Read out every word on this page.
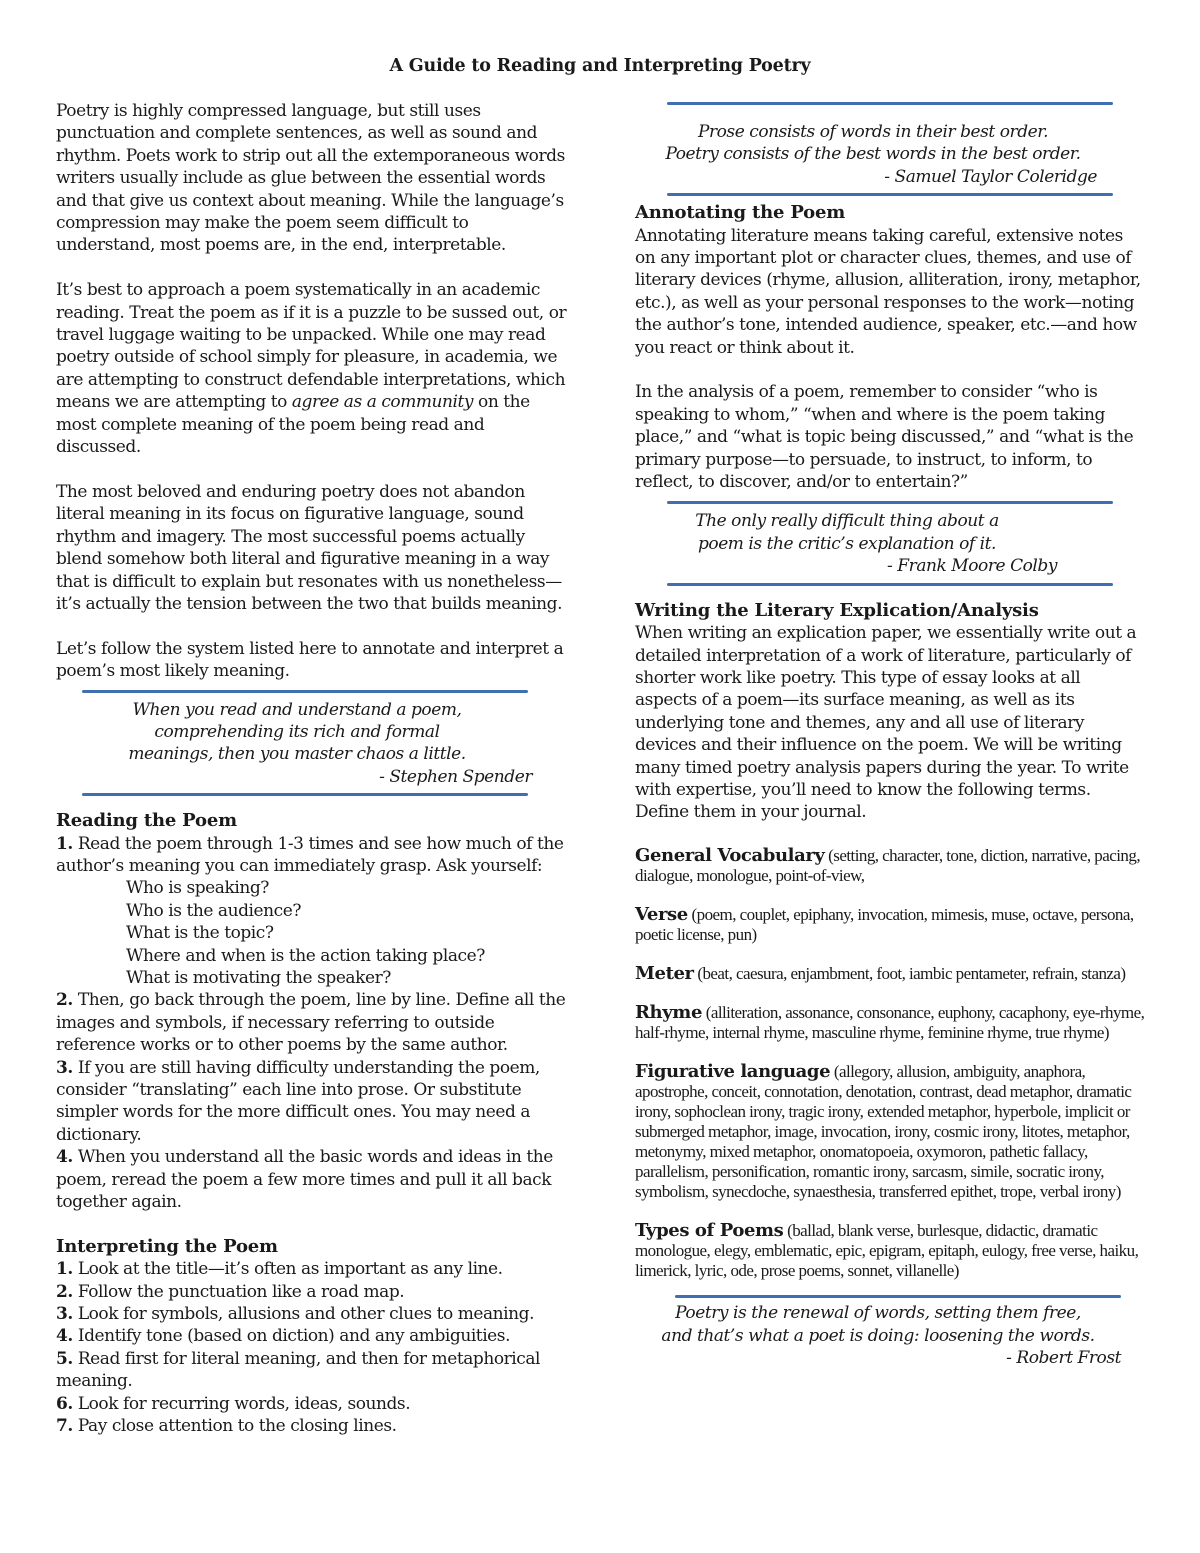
A Guide to Reading and Interpreting Poetry

Poetry is highly compressed language, but still uses punctuation and complete sentences, as well as sound and rhythm. Poets work to strip out all the extemporaneous words writers usually include as glue between the essential words and that give us context about meaning. While the language’s compression may make the poem seem difficult to understand, most poems are, in the end, interpretable.

It’s best to approach a poem systematically in an academic reading. Treat the poem as if it is a puzzle to be sussed out, or travel luggage waiting to be unpacked. While one may read poetry outside of school simply for pleasure, in academia, we are attempting to construct defendable interpretations, which means we are attempting to agree as a community on the most complete meaning of the poem being read and discussed.

The most beloved and enduring poetry does not abandon literal meaning in its focus on figurative language, sound rhythm and imagery. The most successful poems actually blend somehow both literal and figurative meaning in a way that is difficult to explain but resonates with us nonetheless—it’s actually the tension between the two that builds meaning.

Let’s follow the system listed here to annotate and interpret a poem’s most likely meaning.

When you read and understand a poem,

comprehending its rich and formal

meanings, then you master chaos a little.

- Stephen Spender

Reading the Poem

1. Read the poem through 1-3 times and see how much of the author’s meaning you can immediately grasp. Ask yourself:

Who is speaking?

Who is the audience?

What is the topic?

Where and when is the action taking place?

What is motivating the speaker?

2. Then, go back through the poem, line by line. Define all the images and symbols, if necessary referring to outside reference works or to other poems by the same author.

3. If you are still having difficulty understanding the poem, consider “translating” each line into prose. Or substitute simpler words for the more difficult ones. You may need a dictionary.

4. When you understand all the basic words and ideas in the poem, reread the poem a few more times and pull it all back together again.

Interpreting the Poem

1. Look at the title—it’s often as important as any line.

2. Follow the punctuation like a road map.

3. Look for symbols, allusions and other clues to meaning.

4. Identify tone (based on diction) and any ambiguities.

5. Read first for literal meaning, and then for metaphorical meaning.

6. Look for recurring words, ideas, sounds.

7. Pay close attention to the closing lines.

Prose consists of words in their best order.

Poetry consists of the best words in the best order.

- Samuel Taylor Coleridge

Annotating the Poem

Annotating literature means taking careful, extensive notes on any important plot or character clues, themes, and use of literary devices (rhyme, allusion, alliteration, irony, metaphor, etc.), as well as your personal responses to the work—noting the author’s tone, intended audience, speaker, etc.—and how you react or think about it.

In the analysis of a poem, remember to consider “who is speaking to whom,” “when and where is the poem taking place,” and “what is topic being discussed,” and “what is the primary purpose—to persuade, to instruct, to inform, to reflect, to discover, and/or to entertain?”

The only really difficult thing about a

poem is the critic’s explanation of it.

- Frank Moore Colby

Writing the Literary Explication/Analysis

When writing an explication paper, we essentially write out a detailed interpretation of a work of literature, particularly of shorter work like poetry. This type of essay looks at all aspects of a poem—its surface meaning, as well as its underlying tone and themes, any and all use of literary devices and their influence on the poem. We will be writing many timed poetry analysis papers during the year. To write with expertise, you’ll need to know the following terms. Define them in your journal.

General Vocabulary (setting, character, tone, diction, narrative, pacing, dialogue, monologue, point-of-view,

Verse (poem, couplet, epiphany, invocation, mimesis, muse, octave, persona, poetic license, pun)

Meter (beat, caesura, enjambment, foot, iambic pentameter, refrain, stanza)

Rhyme (alliteration, assonance, consonance, euphony, cacaphony, eye-rhyme, half-rhyme, internal rhyme, masculine rhyme, feminine rhyme, true rhyme)

Figurative language (allegory, allusion, ambiguity, anaphora, apostrophe, conceit, connotation, denotation, contrast, dead metaphor, dramatic irony, sophoclean irony, tragic irony, extended metaphor, hyperbole, implicit or submerged metaphor, image, invocation, irony, cosmic irony, litotes, metaphor, metonymy, mixed metaphor, onomatopoeia, oxymoron, pathetic fallacy, parallelism, personification, romantic irony, sarcasm, simile, socratic irony, symbolism, synecdoche, synaesthesia, transferred epithet, trope, verbal irony)

Types of Poems (ballad, blank verse, burlesque, didactic, dramatic monologue, elegy, emblematic, epic, epigram, epitaph, eulogy, free verse, haiku, limerick, lyric, ode, prose poems, sonnet, villanelle)

Poetry is the renewal of words, setting them free,

and that’s what a poet is doing: loosening the words.

- Robert Frost
